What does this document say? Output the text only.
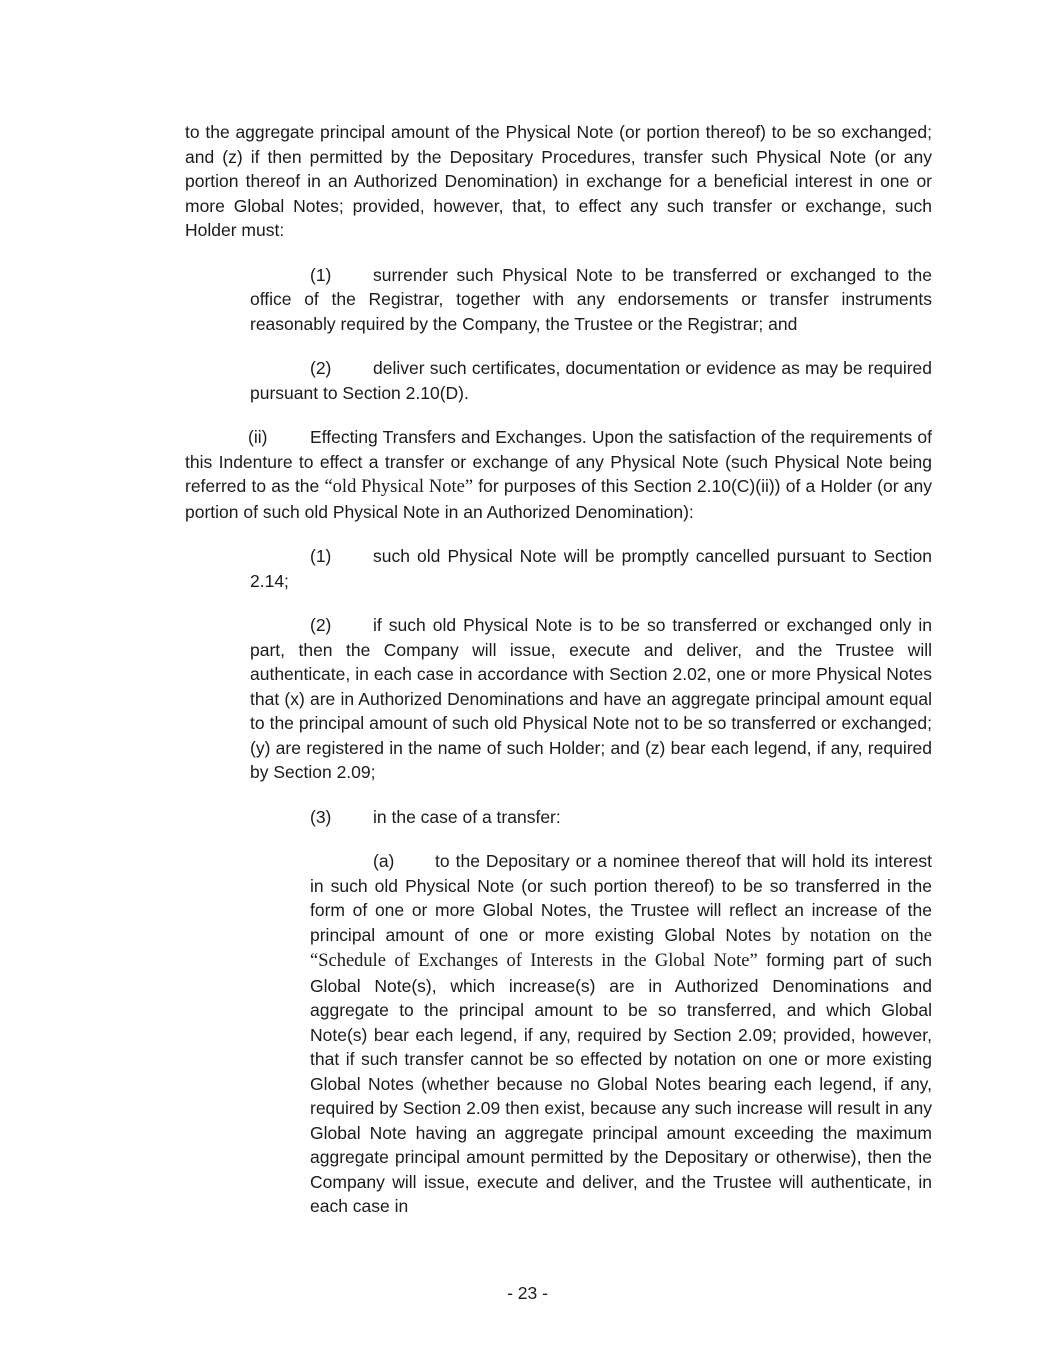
to the aggregate principal amount of the Physical Note (or portion thereof) to be so exchanged; and (z) if then permitted by the Depositary Procedures, transfer such Physical Note (or any portion thereof in an Authorized Denomination) in exchange for a beneficial interest in one or more Global Notes; provided, however, that, to effect any such transfer or exchange, such Holder must:

(1) surrender such Physical Note to be transferred or exchanged to the office of the Registrar, together with any endorsements or transfer instruments reasonably required by the Company, the Trustee or the Registrar; and

(2) deliver such certificates, documentation or evidence as may be required pursuant to Section 2.10(D).

(ii) Effecting Transfers and Exchanges. Upon the satisfaction of the requirements of this Indenture to effect a transfer or exchange of any Physical Note (such Physical Note being referred to as the “old Physical Note” for purposes of this Section 2.10(C)(ii)) of a Holder (or any portion of such old Physical Note in an Authorized Denomination):

(1) such old Physical Note will be promptly cancelled pursuant to Section 2.14;

(2) if such old Physical Note is to be so transferred or exchanged only in part, then the Company will issue, execute and deliver, and the Trustee will authenticate, in each case in accordance with Section 2.02, one or more Physical Notes that (x) are in Authorized Denominations and have an aggregate principal amount equal to the principal amount of such old Physical Note not to be so transferred or exchanged; (y) are registered in the name of such Holder; and (z) bear each legend, if any, required by Section 2.09;

(3) in the case of a transfer:

(a) to the Depositary or a nominee thereof that will hold its interest in such old Physical Note (or such portion thereof) to be so transferred in the form of one or more Global Notes, the Trustee will reflect an increase of the principal amount of one or more existing Global Notes by notation on the “Schedule of Exchanges of Interests in the Global Note” forming part of such Global Note(s), which increase(s) are in Authorized Denominations and aggregate to the principal amount to be so transferred, and which Global Note(s) bear each legend, if any, required by Section 2.09; provided, however, that if such transfer cannot be so effected by notation on one or more existing Global Notes (whether because no Global Notes bearing each legend, if any, required by Section 2.09 then exist, because any such increase will result in any Global Note having an aggregate principal amount exceeding the maximum aggregate principal amount permitted by the Depositary or otherwise), then the Company will issue, execute and deliver, and the Trustee will authenticate, in each case in

- 23 -
